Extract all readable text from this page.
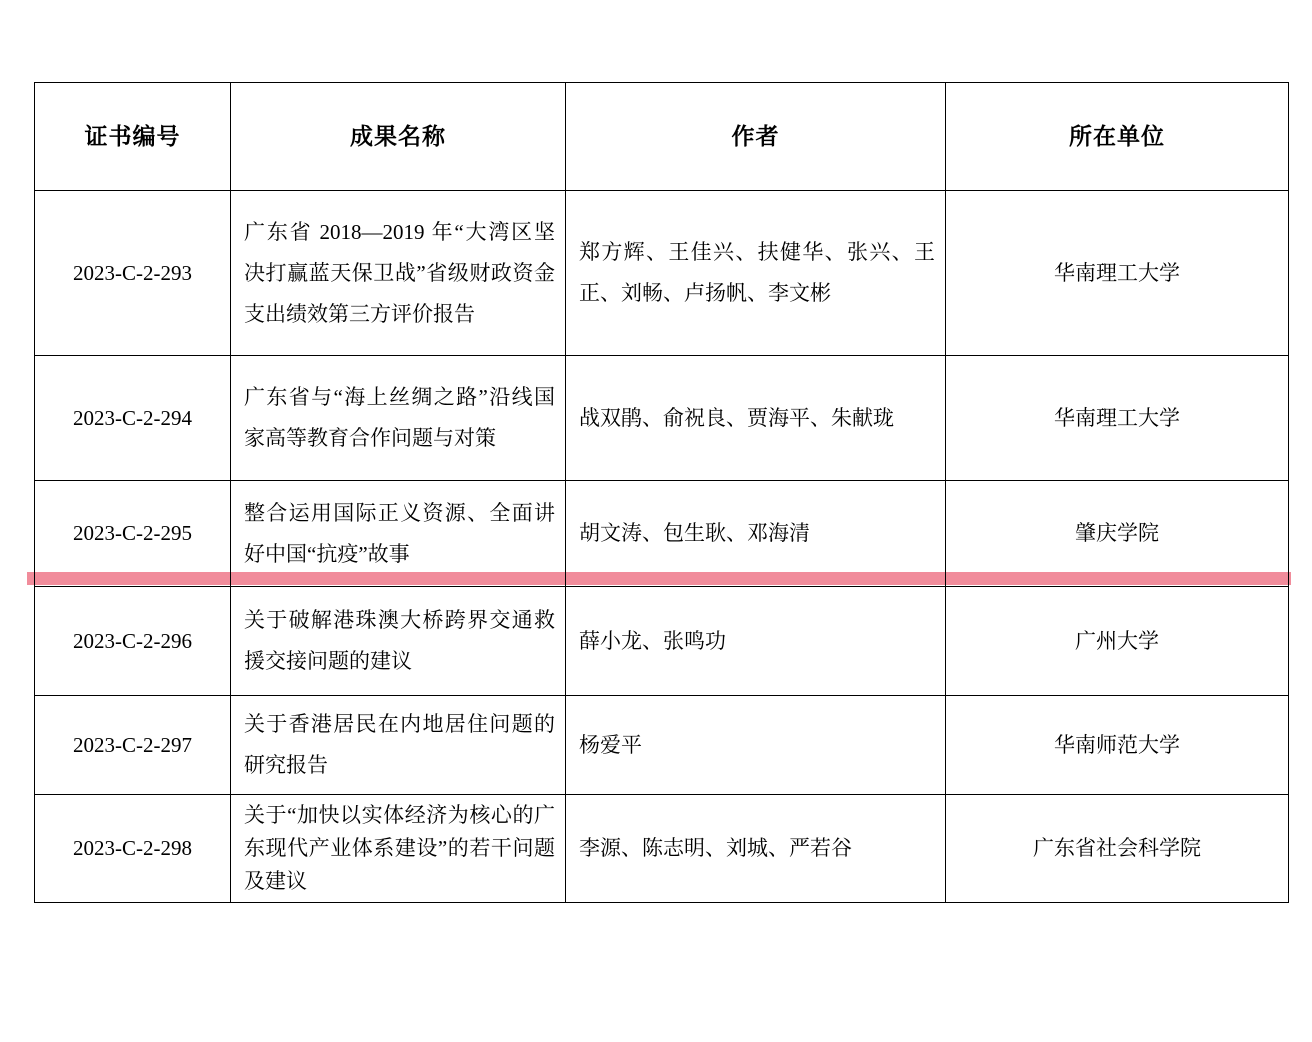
证书编号	成果名称	作者	所在单位
2023-C-2-293	广东省 2018—2019 年“大湾区坚决打赢蓝天保卫战”省级财政资金支出绩效第三方评价报告	郑方辉、王佳兴、扶健华、张兴、王正、刘畅、卢扬帆、李文彬	华南理工大学
2023-C-2-294	广东省与“海上丝绸之路”沿线国家高等教育合作问题与对策	战双鹃、俞祝良、贾海平、朱献珑	华南理工大学
2023-C-2-295	整合运用国际正义资源、全面讲好中国“抗疫”故事	胡文涛、包生耿、邓海清	肇庆学院
2023-C-2-296	关于破解港珠澳大桥跨界交通救援交接问题的建议	薛小龙、张鸣功	广州大学
2023-C-2-297	关于香港居民在内地居住问题的研究报告	杨爱平	华南师范大学
2023-C-2-298	关于“加快以实体经济为核心的广东现代产业体系建设”的若干问题及建议	李源、陈志明、刘城、严若谷	广东省社会科学院
